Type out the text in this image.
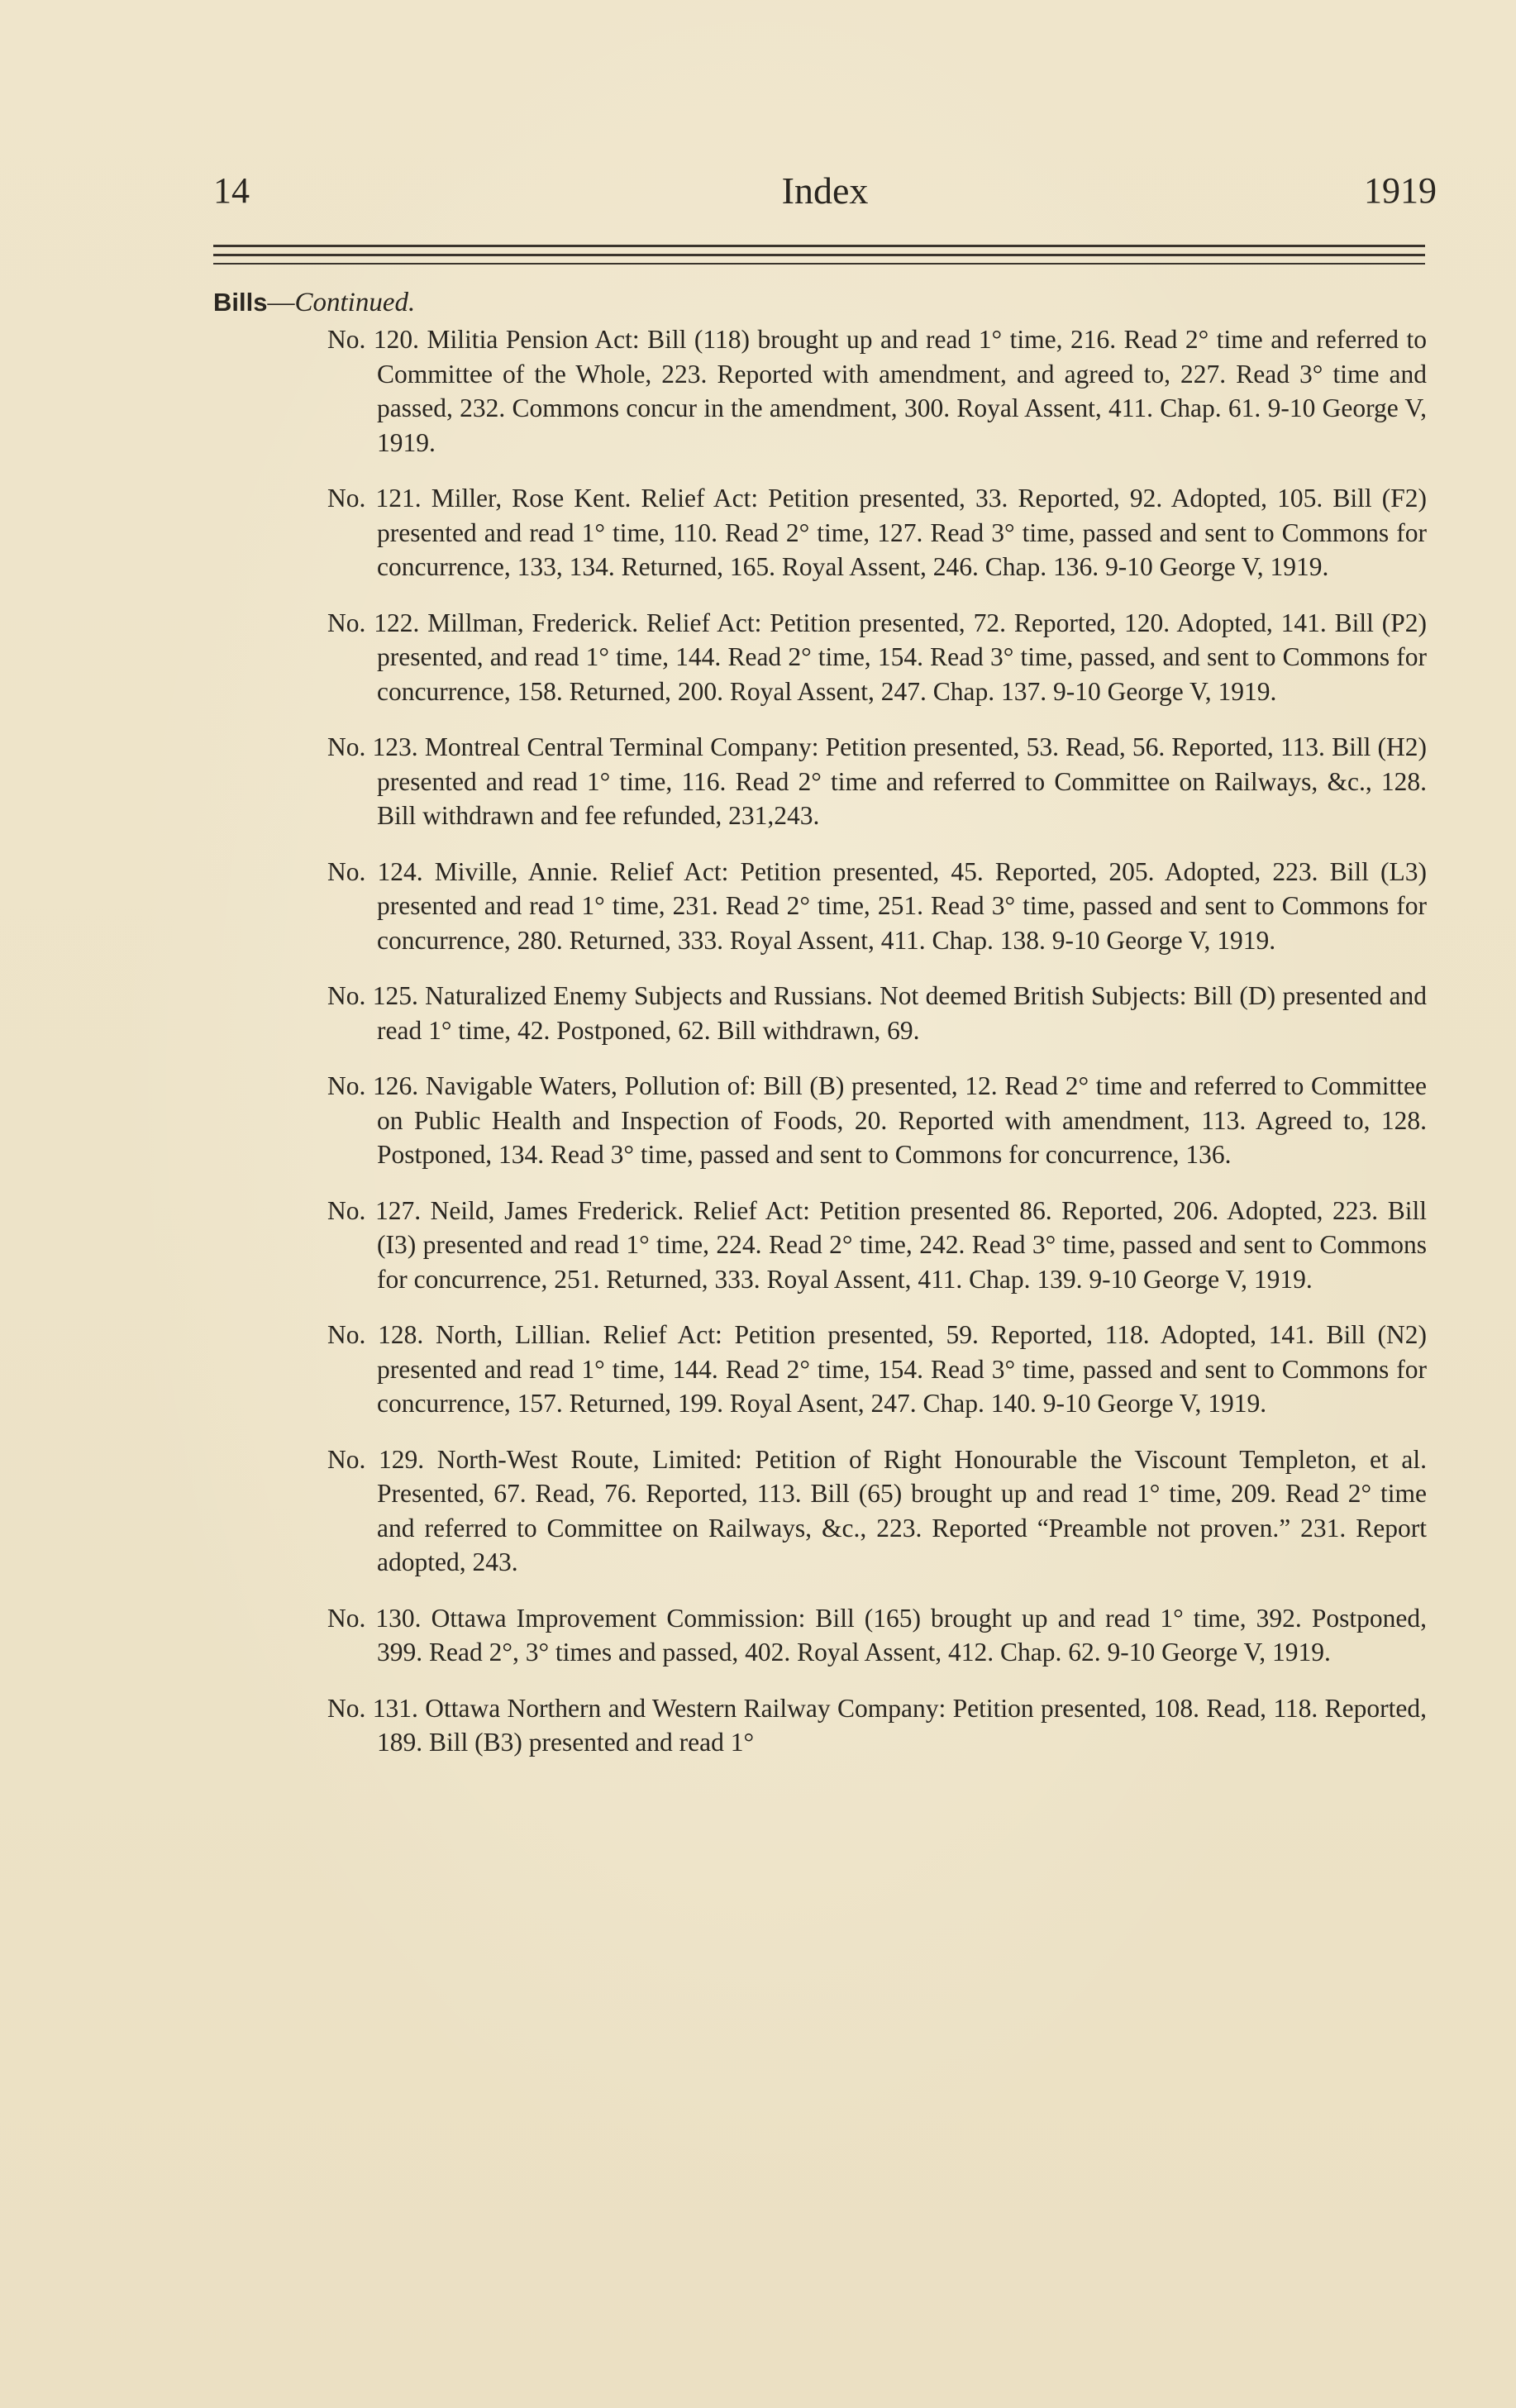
14	Index	1919
Bills—Continued.

No. 120. Militia Pension Act: Bill (118) brought up and read 1° time, 216. Read 2° time and referred to Committee of the Whole, 223. Reported with amendment, and agreed to, 227. Read 3° time and passed, 232. Commons concur in the amendment, 300. Royal Assent, 411. Chap. 61. 9-10 George V, 1919.

No. 121. Miller, Rose Kent. Relief Act: Petition presented, 33. Reported, 92. Adopted, 105. Bill (F2) presented and read 1° time, 110. Read 2° time, 127. Read 3° time, passed and sent to Commons for concurrence, 133, 134. Returned, 165. Royal Assent, 246. Chap. 136. 9-10 George V, 1919.

No. 122. Millman, Frederick. Relief Act: Petition presented, 72. Reported, 120. Adopted, 141. Bill (P2) presented, and read 1° time, 144. Read 2° time, 154. Read 3° time, passed, and sent to Commons for concurrence, 158. Returned, 200. Royal Assent, 247. Chap. 137. 9-10 George V, 1919.

No. 123. Montreal Central Terminal Company: Petition presented, 53. Read, 56. Reported, 113. Bill (H2) presented and read 1° time, 116. Read 2° time and referred to Committee on Railways, &c., 128. Bill withdrawn and fee refunded, 231,243.

No. 124. Miville, Annie. Relief Act: Petition presented, 45. Reported, 205. Adopted, 223. Bill (L3) presented and read 1° time, 231. Read 2° time, 251. Read 3° time, passed and sent to Commons for concurrence, 280. Returned, 333. Royal Assent, 411. Chap. 138. 9-10 George V, 1919.

No. 125. Naturalized Enemy Subjects and Russians. Not deemed British Subjects: Bill (D) presented and read 1° time, 42. Postponed, 62. Bill withdrawn, 69.

No. 126. Navigable Waters, Pollution of: Bill (B) presented, 12. Read 2° time and referred to Committee on Public Health and Inspection of Foods, 20. Reported with amendment, 113. Agreed to, 128. Postponed, 134. Read 3° time, passed and sent to Commons for concurrence, 136.

No. 127. Neild, James Frederick. Relief Act: Petition presented 86. Reported, 206. Adopted, 223. Bill (I3) presented and read 1° time, 224. Read 2° time, 242. Read 3° time, passed and sent to Commons for concurrence, 251. Returned, 333. Royal Assent, 411. Chap. 139. 9-10 George V, 1919.

No. 128. North, Lillian. Relief Act: Petition presented, 59. Reported, 118. Adopted, 141. Bill (N2) presented and read 1° time, 144. Read 2° time, 154. Read 3° time, passed and sent to Commons for concurrence, 157. Returned, 199. Royal Asent, 247. Chap. 140. 9-10 George V, 1919.

No. 129. North-West Route, Limited: Petition of Right Honourable the Viscount Templeton, et al. Presented, 67. Read, 76. Reported, 113. Bill (65) brought up and read 1° time, 209. Read 2° time and referred to Committee on Railways, &c., 223. Reported “Preamble not proven.” 231. Report adopted, 243.

No. 130. Ottawa Improvement Commission: Bill (165) brought up and read 1° time, 392. Postponed, 399. Read 2°, 3° times and passed, 402. Royal Assent, 412. Chap. 62. 9-10 George V, 1919.

No. 131. Ottawa Northern and Western Railway Company: Petition presented, 108. Read, 118. Reported, 189. Bill (B3) presented and read 1°
